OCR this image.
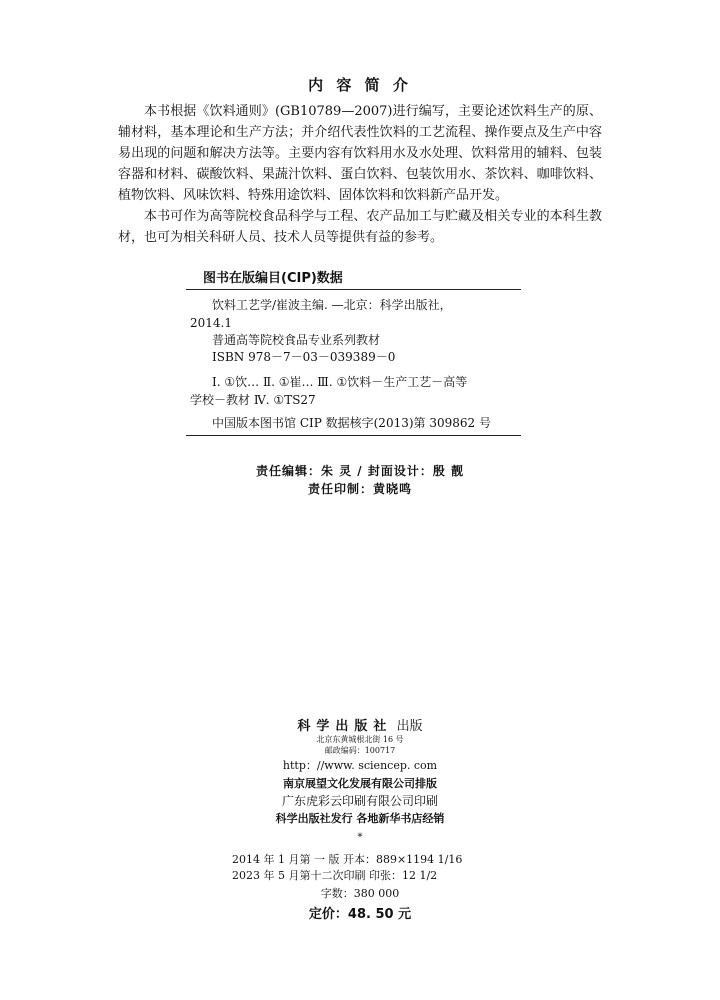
内 容 简 介

本书根据《饮料通则》(GB10789—2007)进行编写，主要论述饮料生产的原、辅材料，基本理论和生产方法；并介绍代表性饮料的工艺流程、操作要点及生产中容易出现的问题和解决方法等。主要内容有饮料用水及水处理、饮料常用的辅料、包装容器和材料、碳酸饮料、果蔬汁饮料、蛋白饮料、包装饮用水、茶饮料、咖啡饮料、植物饮料、风味饮料、特殊用途饮料、固体饮料和饮料新产品开发。

本书可作为高等院校食品科学与工程、农产品加工与贮藏及相关专业的本科生教材，也可为相关科研人员、技术人员等提供有益的参考。

图书在版编目(CIP)数据
饮料工艺学/崔波主编. —北京：科学出版社，
2014.1
普通高等院校食品专业系列教材
ISBN 978－7－03－039389－0
Ⅰ. ①饮… Ⅱ. ①崔… Ⅲ. ①饮料－生产工艺－高等
学校－教材 Ⅳ. ①TS27
中国版本图书馆 CIP 数据核字(2013)第 309862 号
责任编辑：朱 灵 / 封面设计：殷 靓
责任印制：黄晓鸣
科学出版社 出版
北京东黄城根北街 16 号
邮政编码：100717
http：//www. sciencep. com
南京展望文化发展有限公司排版
广东虎彩云印刷有限公司印刷
科学出版社发行 各地新华书店经销
*
2014 年 1 月第 一 版 开本：889×1194 1/16
2023 年 5 月第十二次印刷 印张：12 1/2
字数：380 000
定价：48. 50 元
